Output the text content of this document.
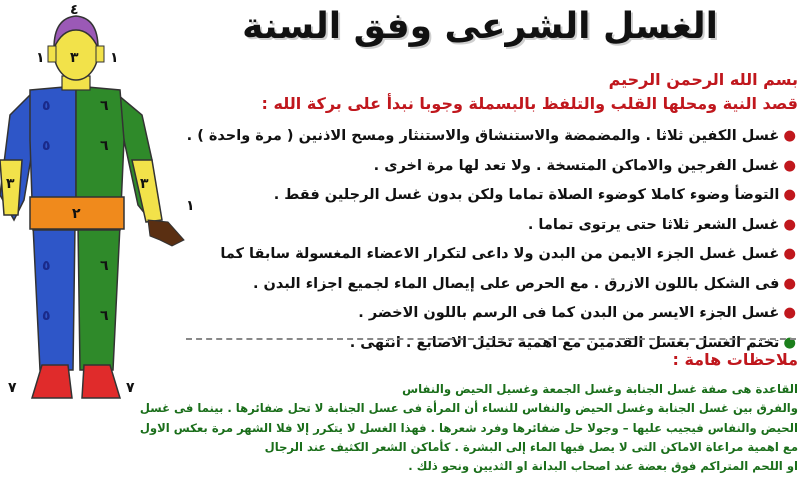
الغسل الشرعى وفق السنة
٤
٣
١	١
٣	٣
١
٢
٥
٥
٥
٥
٦
٦
٦
٦
٧	٧
بسم الله الرحمن الرحيم
قصد النية ومحلها القلب والتلفظ بالبسملة وجوبا نبدأ على بركة الله :
●غسل الكفين ثلاثا . والمضمضة والاستنشاق والاستنثار ومسح الاذنين ( مرة واحدة ) .
●غسل الفرجين والاماكن المتسخة . ولا تعد لها مرة اخرى .
●التوضأ وضوء كاملا كوضوء الصلاة تماما ولكن بدون غسل الرجلين فقط .
●غسل الشعر ثلاثا حتى يرتوى تماما .
●غسل غسل الجزء الايمن من البدن ولا داعى لتكرار الاعضاء المغسولة سابقا كما
●فى الشكل باللون الازرق . مع الحرص على إيصال الماء لجميع اجزاء البدن .
●غسل الجزء الايسر من البدن كما فى الرسم باللون الاخضر .
●تختم الغسل بغسل القدمين مع اهمية تخليل الاصابع . انتهى .
ملاحظات هامة :
القاعدة هى صفة غسل الجنابة وغسل الجمعة وغسيل الحيض والنفاس
والفرق بين غسل الجنابة وغسل الحيض والنفاس للنساء أن المرأة فى عسل الجنابة لا تحل ضفائرها . بينما فى غسل
الحيض والنفاس فيجيب عليها – وجولا حل ضفائرها وفرد شعرها . فهذا الغسل لا يتكرر إلا فلا الشهر مرة بعكس الاول
مع اهمية مراعاة الاماكن التى لا يصل فيها الماء إلى البشرة . كأماكن الشعر الكثيف عند الرجال
او اللحم المتراكم فوق بعضة عند اصحاب البدانة او الثديين ونحو ذلك .
